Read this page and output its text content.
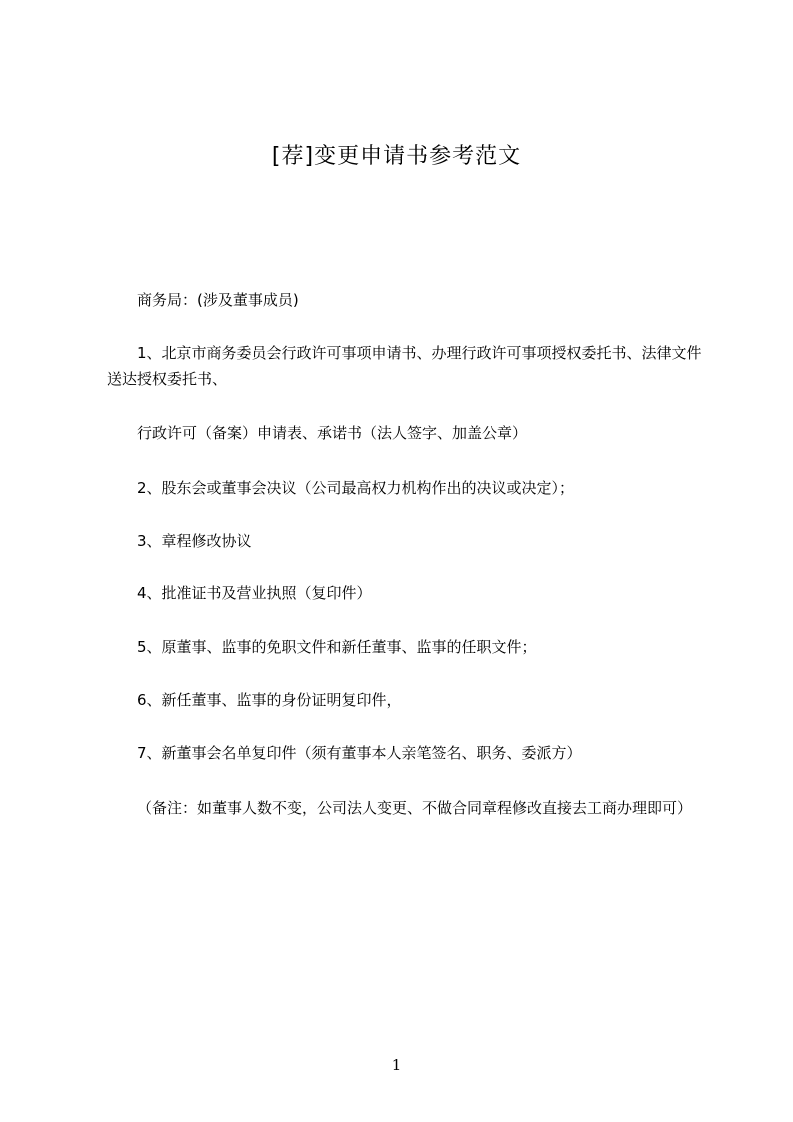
[荐]变更申请书参考范文
商务局：(涉及董事成员)
1、北京市商务委员会行政许可事项申请书、办理行政许可事项授权委托书、法律文件送达授权委托书、
行政许可（备案）申请表、承诺书（法人签字、加盖公章）
2、股东会或董事会决议（公司最高权力机构作出的决议或决定）；
3、章程修改协议
4、批准证书及营业执照（复印件）
5、原董事、监事的免职文件和新任董事、监事的任职文件；
6、新任董事、监事的身份证明复印件，
7、新董事会名单复印件（须有董事本人亲笔签名、职务、委派方）
（备注：如董事人数不变，公司法人变更、不做合同章程修改直接去工商办理即可）
1
